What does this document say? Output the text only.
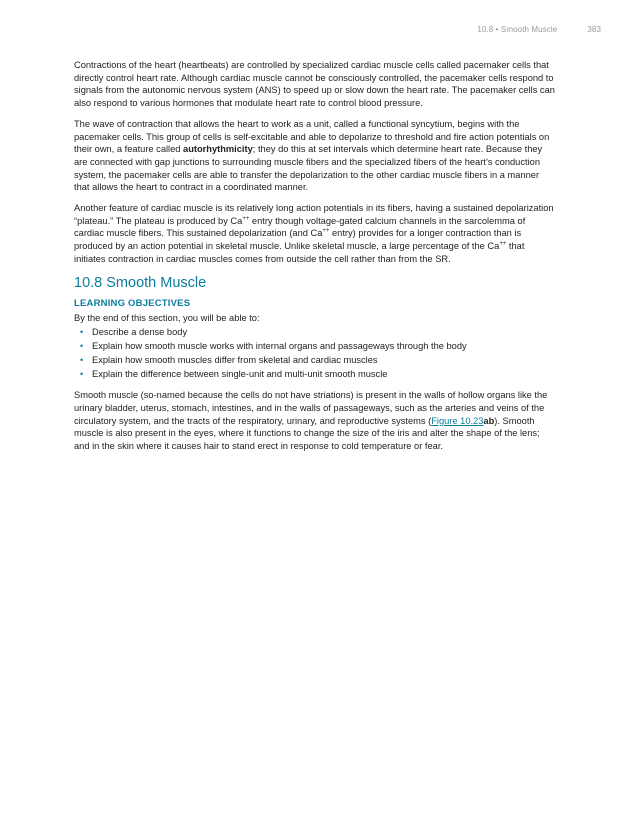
10.8 • Smooth Muscle	383

Contractions of the heart (heartbeats) are controlled by specialized cardiac muscle cells called pacemaker cells that directly control heart rate. Although cardiac muscle cannot be consciously controlled, the pacemaker cells respond to signals from the autonomic nervous system (ANS) to speed up or slow down the heart rate. The pacemaker cells can also respond to various hormones that modulate heart rate to control blood pressure.

The wave of contraction that allows the heart to work as a unit, called a functional syncytium, begins with the pacemaker cells. This group of cells is self-excitable and able to depolarize to threshold and fire action potentials on their own, a feature called autorhythmicity; they do this at set intervals which determine heart rate. Because they are connected with gap junctions to surrounding muscle fibers and the specialized fibers of the heart’s conduction system, the pacemaker cells are able to transfer the depolarization to the other cardiac muscle fibers in a manner that allows the heart to contract in a coordinated manner.

Another feature of cardiac muscle is its relatively long action potentials in its fibers, having a sustained depolarization “plateau.” The plateau is produced by Ca++ entry though voltage-gated calcium channels in the sarcolemma of cardiac muscle fibers. This sustained depolarization (and Ca++ entry) provides for a longer contraction than is produced by an action potential in skeletal muscle. Unlike skeletal muscle, a large percentage of the Ca++ that initiates contraction in cardiac muscles comes from outside the cell rather than from the SR.

10.8 Smooth Muscle
LEARNING OBJECTIVES

By the end of this section, you will be able to:

• Describe a dense body
• Explain how smooth muscle works with internal organs and passageways through the body
• Explain how smooth muscles differ from skeletal and cardiac muscles
• Explain the difference between single-unit and multi-unit smooth muscle

Smooth muscle (so-named because the cells do not have striations) is present in the walls of hollow organs like the urinary bladder, uterus, stomach, intestines, and in the walls of passageways, such as the arteries and veins of the circulatory system, and the tracts of the respiratory, urinary, and reproductive systems (Figure 10.23ab). Smooth muscle is also present in the eyes, where it functions to change the size of the iris and alter the shape of the lens; and in the skin where it causes hair to stand erect in response to cold temperature or fear.
